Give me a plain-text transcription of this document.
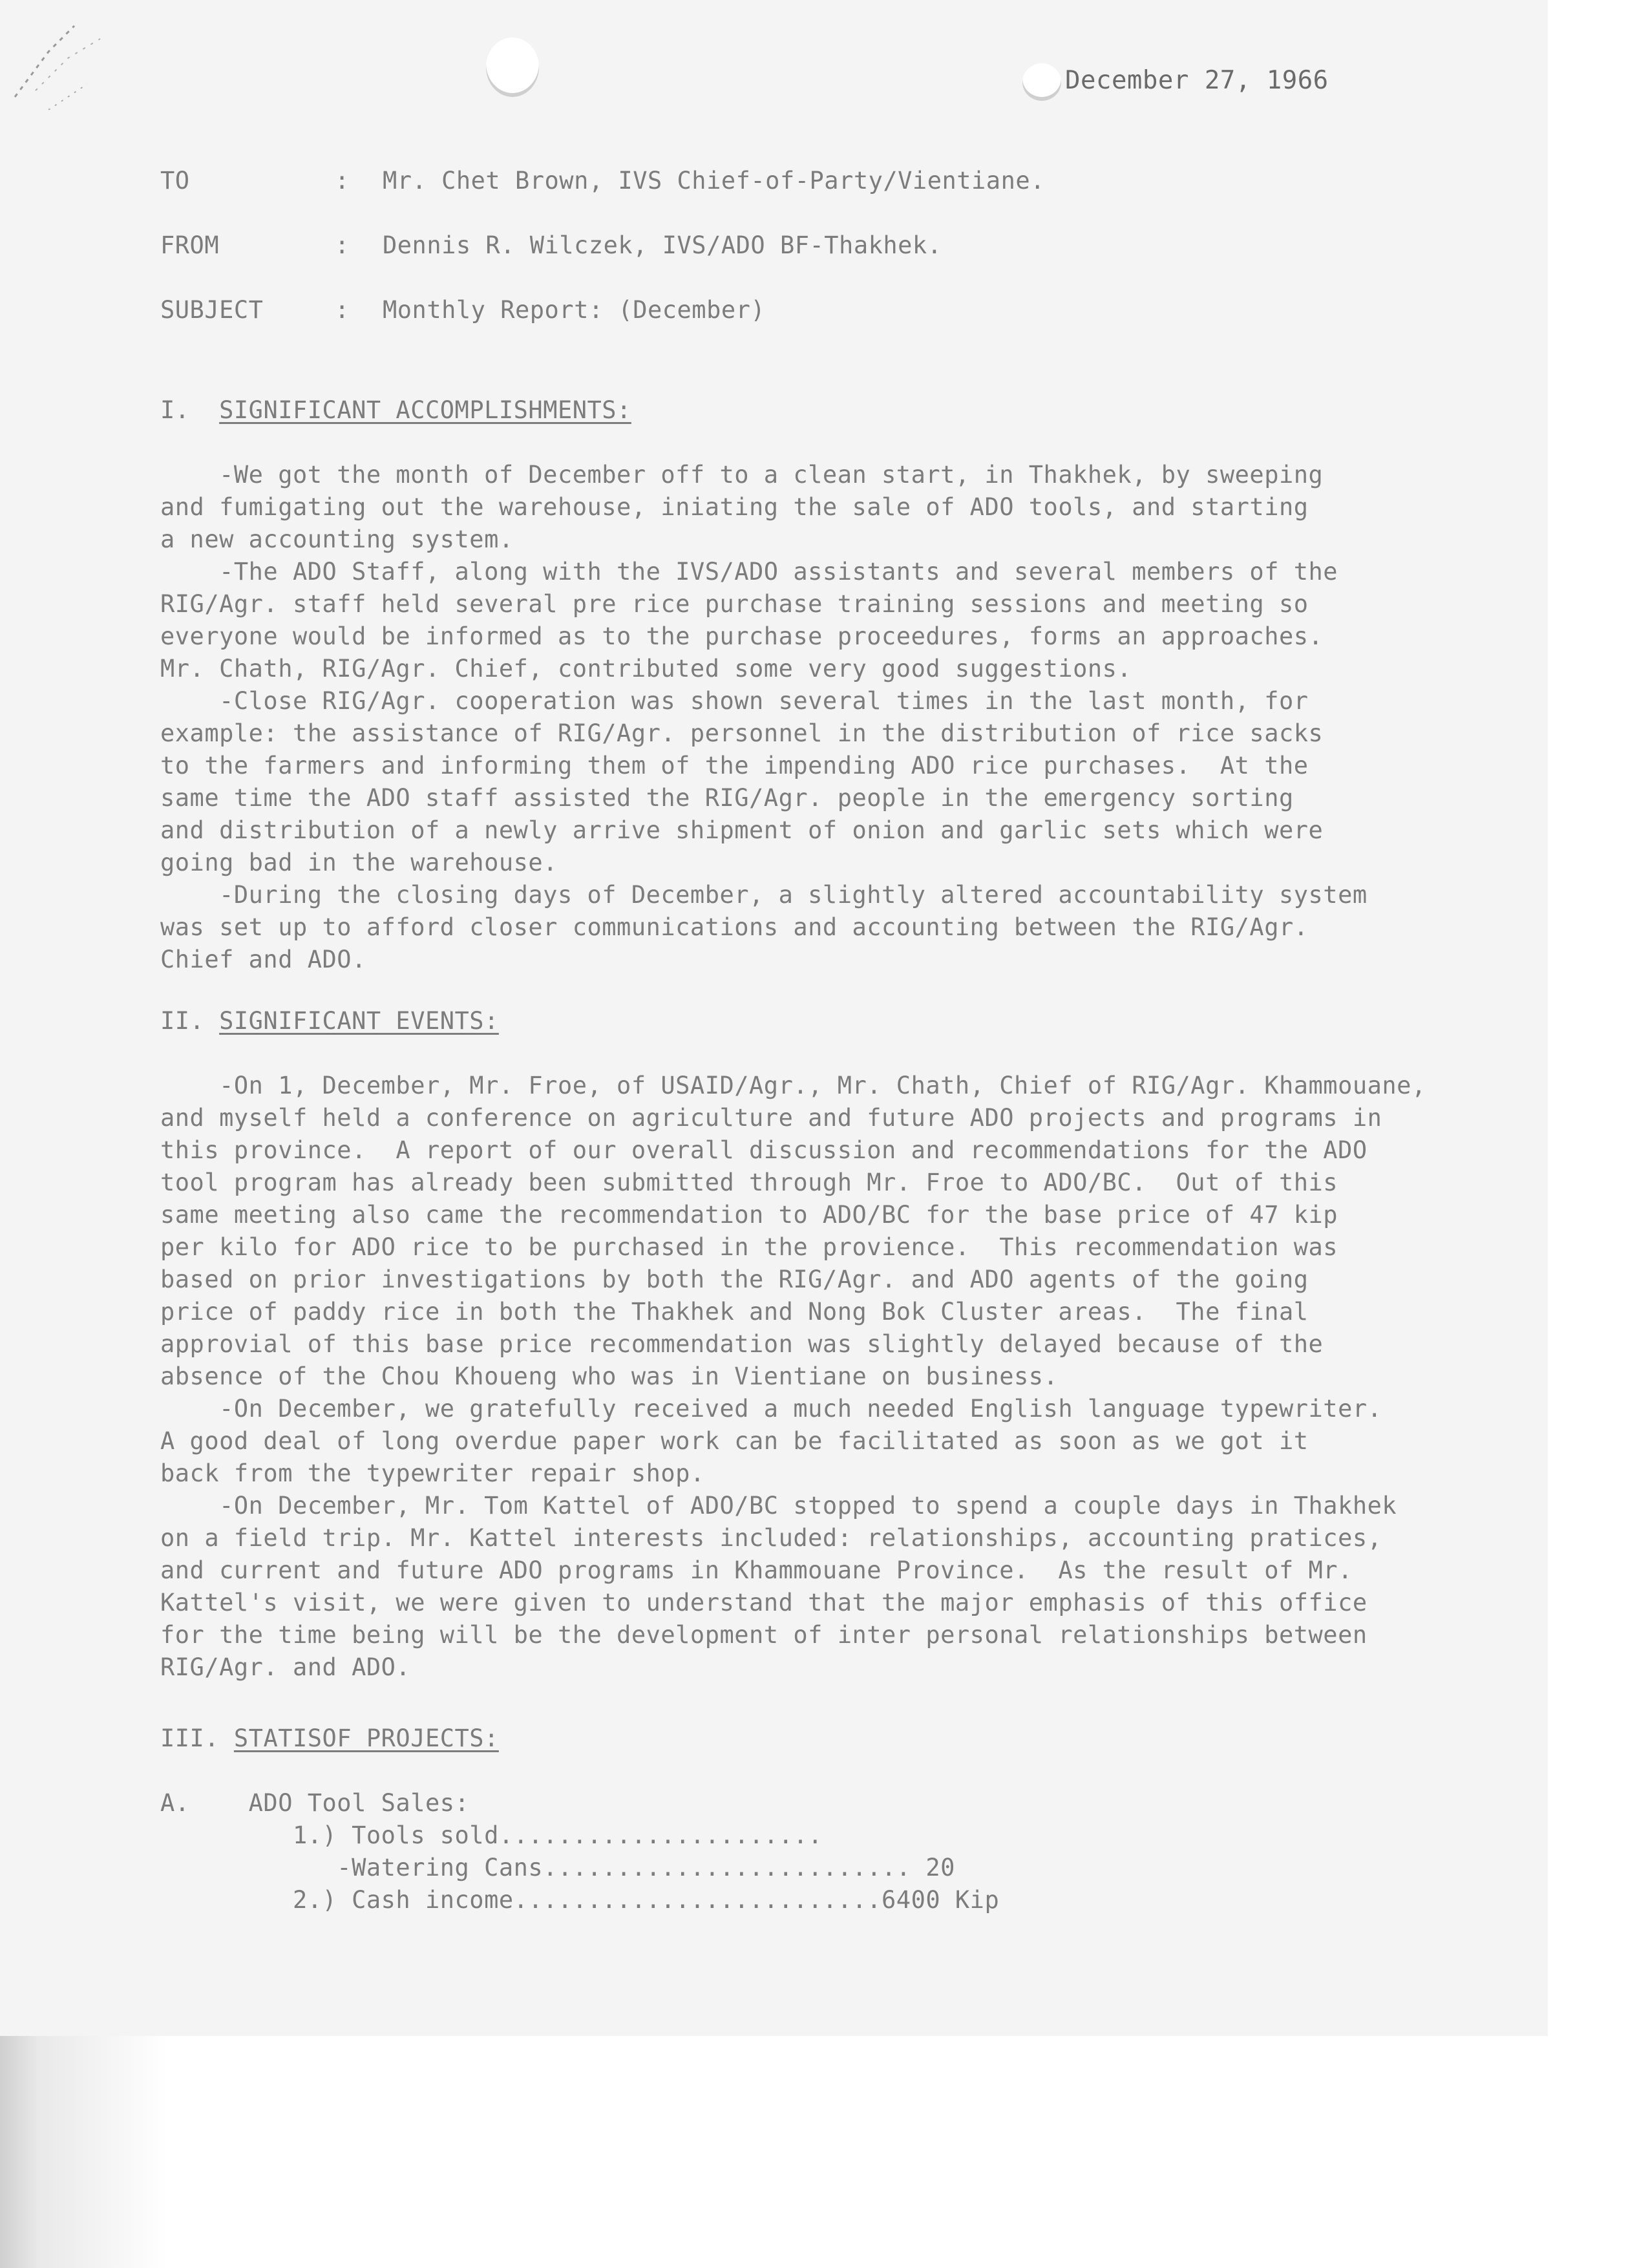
December 27, 1966
TO	: Mr. Chet Brown, IVS Chief-of-Party/Vientiane.
FROM	: Dennis R. Wilczek, IVS/ADO BF-Thakhek.
SUBJECT	: Monthly Report: (December)
I. SIGNIFICANT ACCOMPLISHMENTS:
-We got the month of December off to a clean start, in Thakhek, by sweeping
and fumigating out the warehouse, iniating the sale of ADO tools, and starting
a new accounting system.
-The ADO Staff, along with the IVS/ADO assistants and several members of the
RIG/Agr. staff held several pre rice purchase training sessions and meeting so
everyone would be informed as to the purchase proceedures, forms an approaches.
Mr. Chath, RIG/Agr. Chief, contributed some very good suggestions.
-Close RIG/Agr. cooperation was shown several times in the last month, for
example: the assistance of RIG/Agr. personnel in the distribution of rice sacks
to the farmers and informing them of the impending ADO rice purchases.  At the
same time the ADO staff assisted the RIG/Agr. people in the emergency sorting
and distribution of a newly arrive shipment of onion and garlic sets which were
going bad in the warehouse.
-During the closing days of December, a slightly altered accountability system
was set up to afford closer communications and accounting between the RIG/Agr.
Chief and ADO.
II. SIGNIFICANT EVENTS:
-On 1, December, Mr. Froe, of USAID/Agr., Mr. Chath, Chief of RIG/Agr. Khammouane,
and myself held a conference on agriculture and future ADO projects and programs in
this province.  A report of our overall discussion and recommendations for the ADO
tool program has already been submitted through Mr. Froe to ADO/BC.  Out of this
same meeting also came the recommendation to ADO/BC for the base price of 47 kip
per kilo for ADO rice to be purchased in the provience.  This recommendation was
based on prior investigations by both the RIG/Agr. and ADO agents of the going
price of paddy rice in both the Thakhek and Nong Bok Cluster areas.  The final
approvial of this base price recommendation was slightly delayed because of the
absence of the Chou Khoueng who was in Vientiane on business.
-On December, we gratefully received a much needed English language typewriter.
A good deal of long overdue paper work can be facilitated as soon as we got it
back from the typewriter repair shop.
-On December, Mr. Tom Kattel of ADO/BC stopped to spend a couple days in Thakhek
on a field trip. Mr. Kattel interests included: relationships, accounting pratices,
and current and future ADO programs in Khammouane Province.  As the result of Mr.
Kattel's visit, we were given to understand that the major emphasis of this office
for the time being will be the development of inter personal relationships between
RIG/Agr. and ADO.
III. STATISOF PROJECTS:
A.    ADO Tool Sales:
1.) Tools sold......................
-Watering Cans......................... 20
2.) Cash income.........................6400 Kip
